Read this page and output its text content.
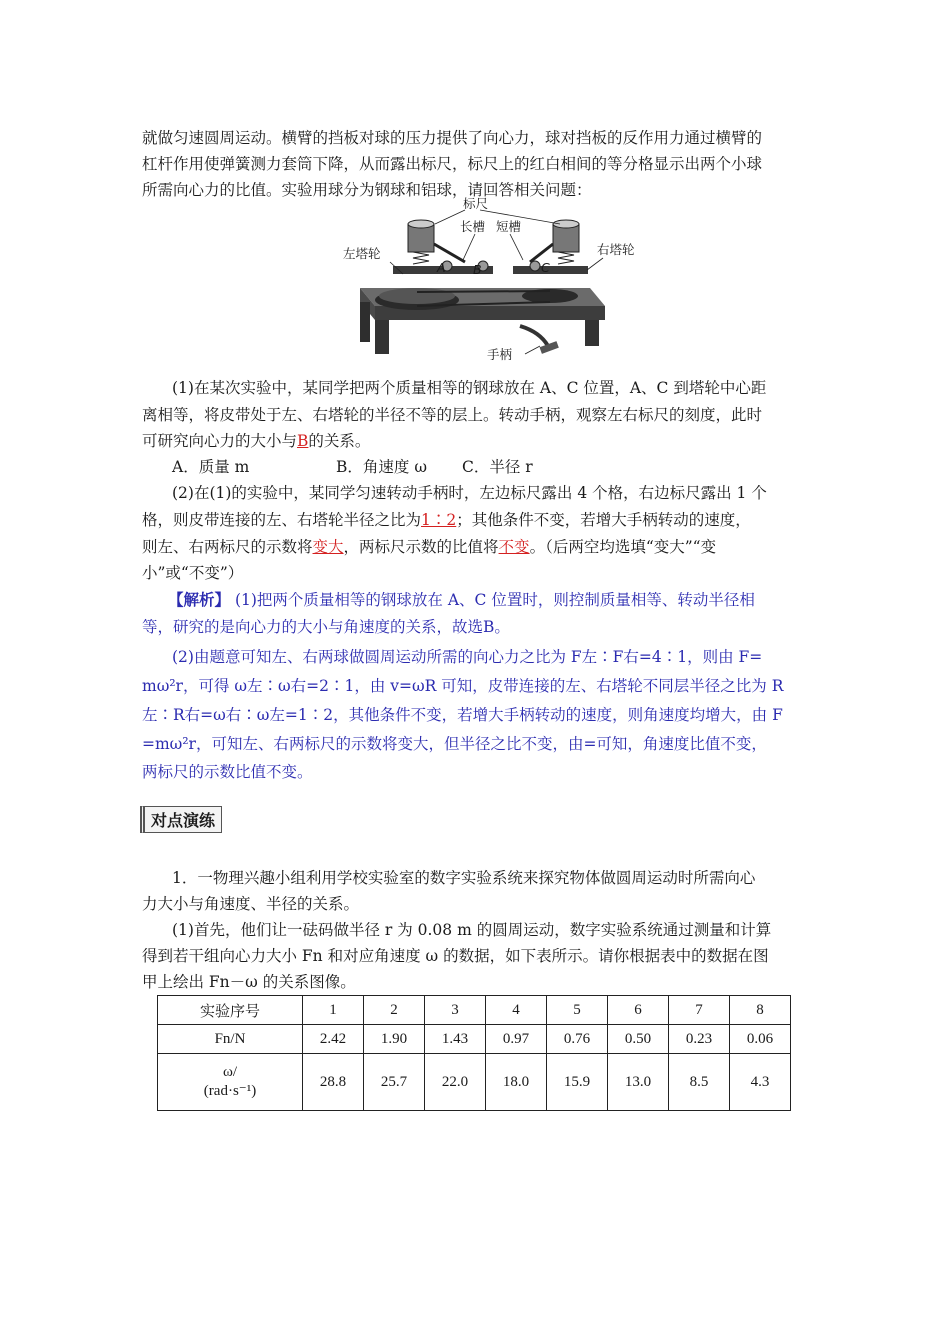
就做匀速圆周运动。横臂的挡板对球的压力提供了向心力，球对挡板的反作用力通过横臂的
杠杆作用使弹簧测力套筒下降，从而露出标尺，标尺上的红白相间的等分格显示出两个小球
所需向心力的比值。实验用球分为钢球和铝球，请回答相关问题：
标尺
长槽 短槽
左塔轮	右塔轮
手柄
A B	C
(1)在某次实验中，某同学把两个质量相等的钢球放在 A、C 位置，A、C 到塔轮中心距
离相等，将皮带处于左、右塔轮的半径不等的层上。转动手柄，观察左右标尺的刻度，此时
可研究向心力的大小与B的关系。
A．质量 m	B．角速度 ω C．半径 r
(2)在(1)的实验中，某同学匀速转动手柄时，左边标尺露出 4 个格，右边标尺露出 1 个
格，则皮带连接的左、右塔轮半径之比为1∶2；其他条件不变，若增大手柄转动的速度，
则左、右两标尺的示数将变大，两标尺示数的比值将不变。（后两空均选填“变大”“变
小”或“不变”）
【解析】 (1)把两个质量相等的钢球放在 A、C 位置时，则控制质量相等、转动半径相
等，研究的是向心力的大小与角速度的关系，故选B。
(2)由题意可知左、右两球做圆周运动所需的向心力之比为 F左∶F右=4∶1，则由 F=
mω²r，可得 ω左∶ω右=2∶1，由 v=ωR 可知，皮带连接的左、右塔轮不同层半径之比为 R
左∶R右=ω右∶ω左=1∶2，其他条件不变，若增大手柄转动的速度，则角速度均增大，由 F
=mω²r，可知左、右两标尺的示数将变大，但半径之比不变，由=可知，角速度比值不变，
两标尺的示数比值不变。
对点演练
1．一物理兴趣小组利用学校实验室的数字实验系统来探究物体做圆周运动时所需向心
力大小与角速度、半径的关系。
(1)首先，他们让一砝码做半径 r 为 0.08 m 的圆周运动，数字实验系统通过测量和计算
得到若干组向心力大小 Fn 和对应角速度 ω 的数据，如下表所示。请你根据表中的数据在图
甲上绘出 Fn－ω 的关系图像。
实验序号	1	2	3	4	5	6	7	8
Fn/N	2.42	1.90	1.43	0.97	0.76	0.50	0.23	0.06

ω/
(rad·s⁻¹)	28.8	25.7	22.0	18.0	15.9	13.0	8.5	4.3
